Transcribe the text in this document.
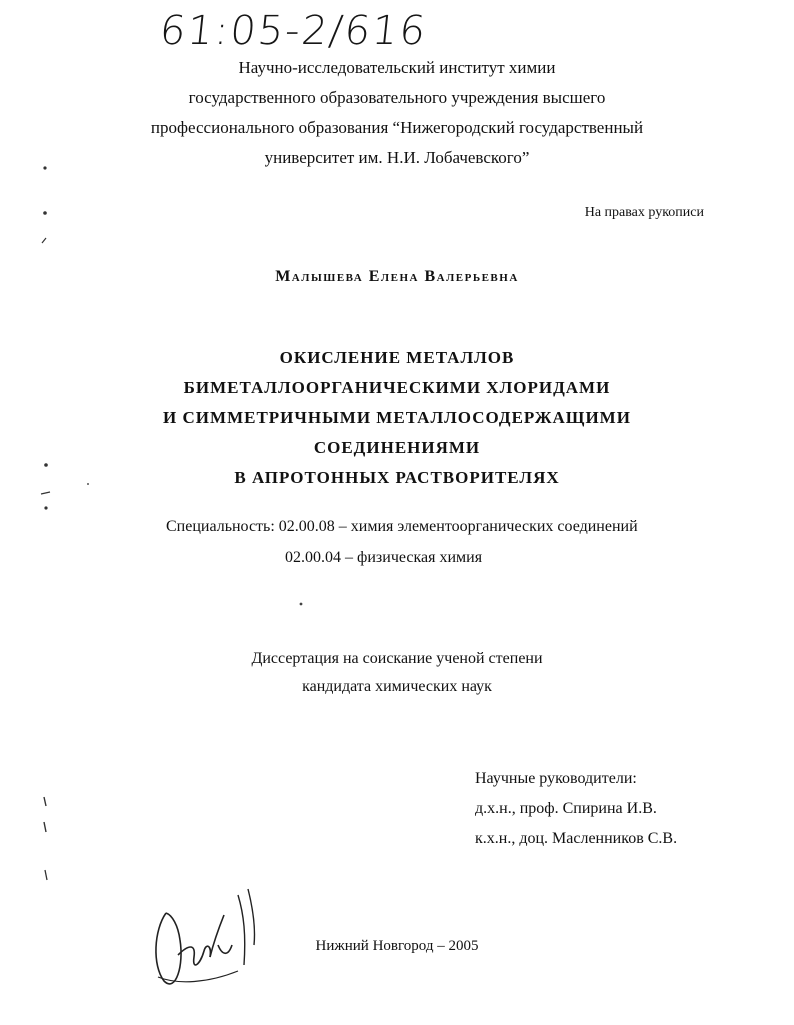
61:05-2/616
Научно-исследовательский институт химии
государственного образовательного учреждения высшего
профессионального образования “Нижегородский государственный
университет им. Н.И. Лобачевского”
На правах рукописи
Малышева Елена Валерьевна
ОКИСЛЕНИЕ МЕТАЛЛОВ
БИМЕТАЛЛООРГАНИЧЕСКИМИ ХЛОРИДАМИ
И СИММЕТРИЧНЫМИ МЕТАЛЛОСОДЕРЖАЩИМИ
СОЕДИНЕНИЯМИ
В АПРОТОННЫХ РАСТВОРИТЕЛЯХ
Специальность: 02.00.08 – химия элементоорганических соединений
02.00.04 – физическая химия
Диссертация на соискание ученой степени
кандидата химических наук
Научные руководители:
д.х.н., проф. Спирина И.В.
к.х.н., доц. Масленников С.В.
Нижний Новгород – 2005
